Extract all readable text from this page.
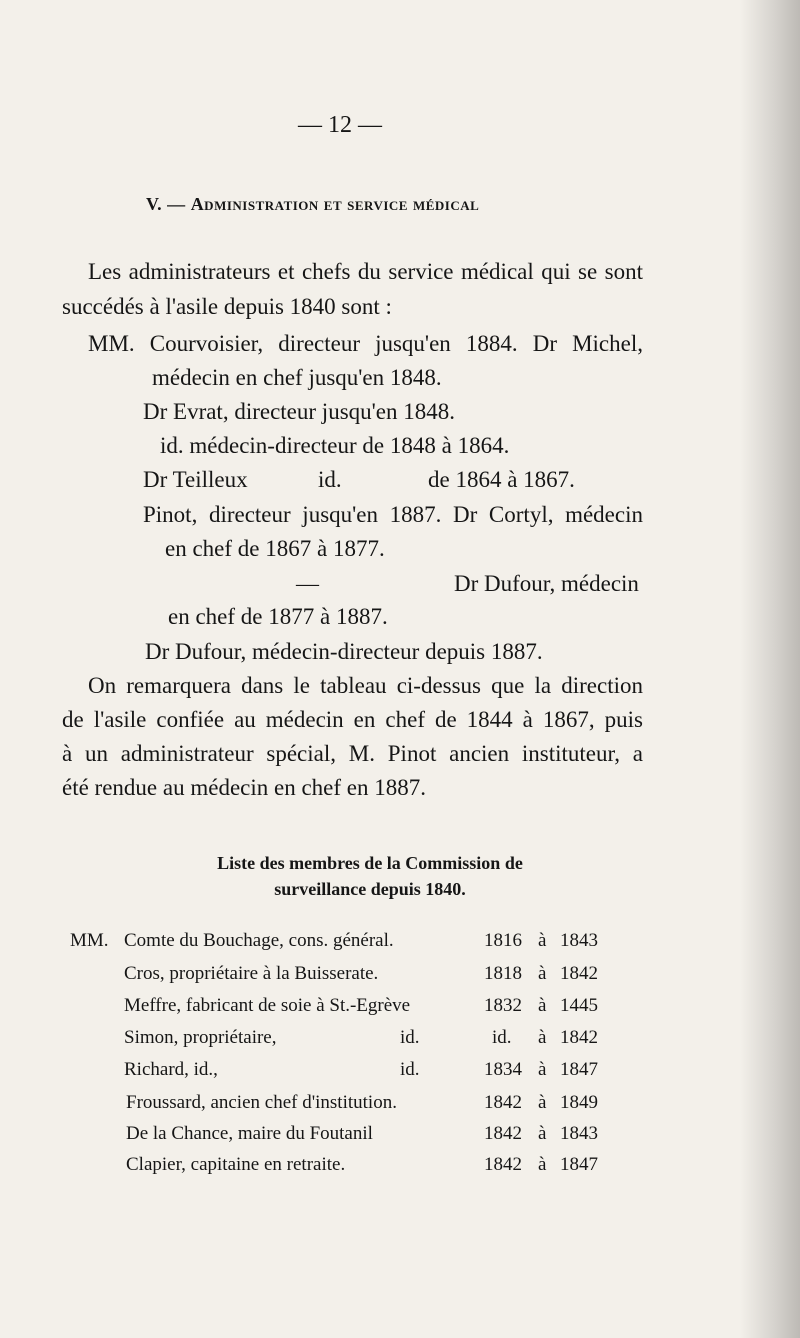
— 12 —
V. — Administration et service médical
Les administrateurs et chefs du service médical qui se sont
succédés à l'asile depuis 1840 sont :
MM. Courvoisier, directeur jusqu'en 1884. Dr Michel,
médecin en chef jusqu'en 1848.
Dr Evrat, directeur jusqu'en 1848.
id. médecin-directeur de 1848 à 1864.
Dr Teilleux	id.	de 1864 à 1867.
Pinot, directeur jusqu'en 1887. Dr Cortyl, médecin
en chef de 1867 à 1877.
—	Dr Dufour, médecin
en chef de 1877 à 1887.
Dr Dufour, médecin-directeur depuis 1887.
On remarquera dans le tableau ci-dessus que la direction
de l'asile confiée au médecin en chef de 1844 à 1867, puis
à un administrateur spécial, M. Pinot ancien instituteur, a
été rendue au médecin en chef en 1887.
Liste des membres de la Commission de
surveillance depuis 1840.
MM. Comte du Bouchage, cons. général.	1816 à 1843
Cros, propriétaire à la Buisserate.	1818 à 1842
Meffre, fabricant de soie à St.-Egrève	1832 à 1445
Simon, propriétaire,	id.	id. à 1842
Richard, id.,	id.	1834 à 1847
Froussard, ancien chef d'institution.	1842 à 1849
De la Chance, maire du Foutanil	1842 à 1843
Clapier, capitaine en retraite.	1842 à 1847
